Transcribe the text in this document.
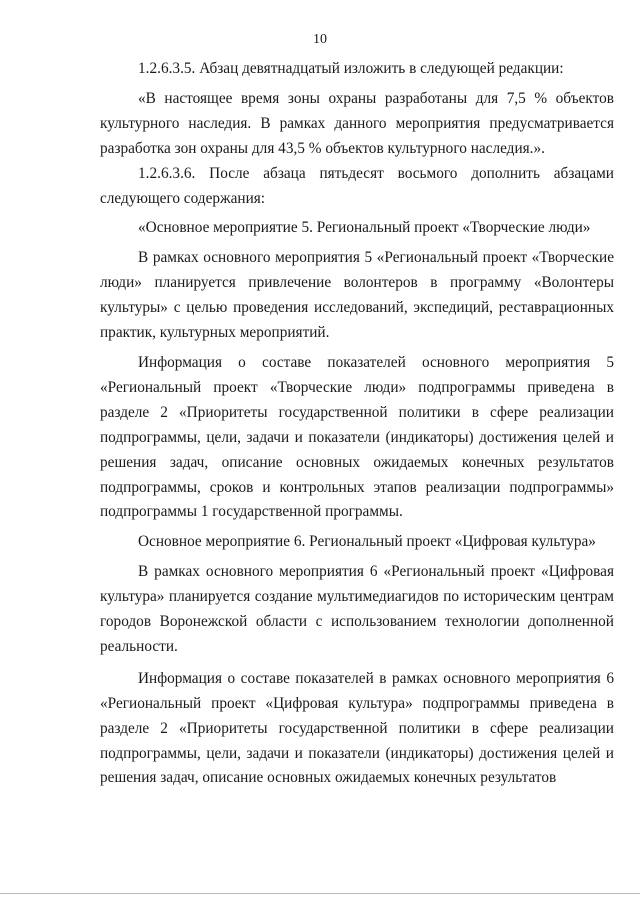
10

1.2.6.3.5. Абзац девятнадцатый изложить в следующей редакции:

«В настоящее время зоны охраны разработаны для 7,5 % объектов культурного наследия. В рамках данного мероприятия предусматривается разработка зон охраны для 43,5 % объектов культурного наследия.».

1.2.6.3.6. После абзаца пятьдесят восьмого дополнить абзацами следующего содержания:

«Основное мероприятие 5. Региональный проект «Творческие люди»

В рамках основного мероприятия 5 «Региональный проект «Творческие люди» планируется привлечение волонтеров в программу «Волонтеры культуры» с целью проведения исследований, экспедиций, реставрационных практик, культурных мероприятий.

Информация о составе показателей основного мероприятия 5 «Региональный проект «Творческие люди» подпрограммы приведена в разделе 2 «Приоритеты государственной политики в сфере реализации подпрограммы, цели, задачи и показатели (индикаторы) достижения целей и решения задач, описание основных ожидаемых конечных результатов подпрограммы, сроков и контрольных этапов реализации подпрограммы» подпрограммы 1 государственной программы.

Основное мероприятие 6. Региональный проект «Цифровая культура»

В рамках основного мероприятия 6 «Региональный проект «Цифровая культура» планируется создание мультимедиагидов по историческим центрам городов Воронежской области с использованием технологии дополненной реальности.

Информация о составе показателей в рамках основного мероприятия 6 «Региональный проект «Цифровая культура» подпрограммы приведена в разделе 2 «Приоритеты государственной политики в сфере реализации подпрограммы, цели, задачи и показатели (индикаторы) достижения целей и решения задач, описание основных ожидаемых конечных результатов
